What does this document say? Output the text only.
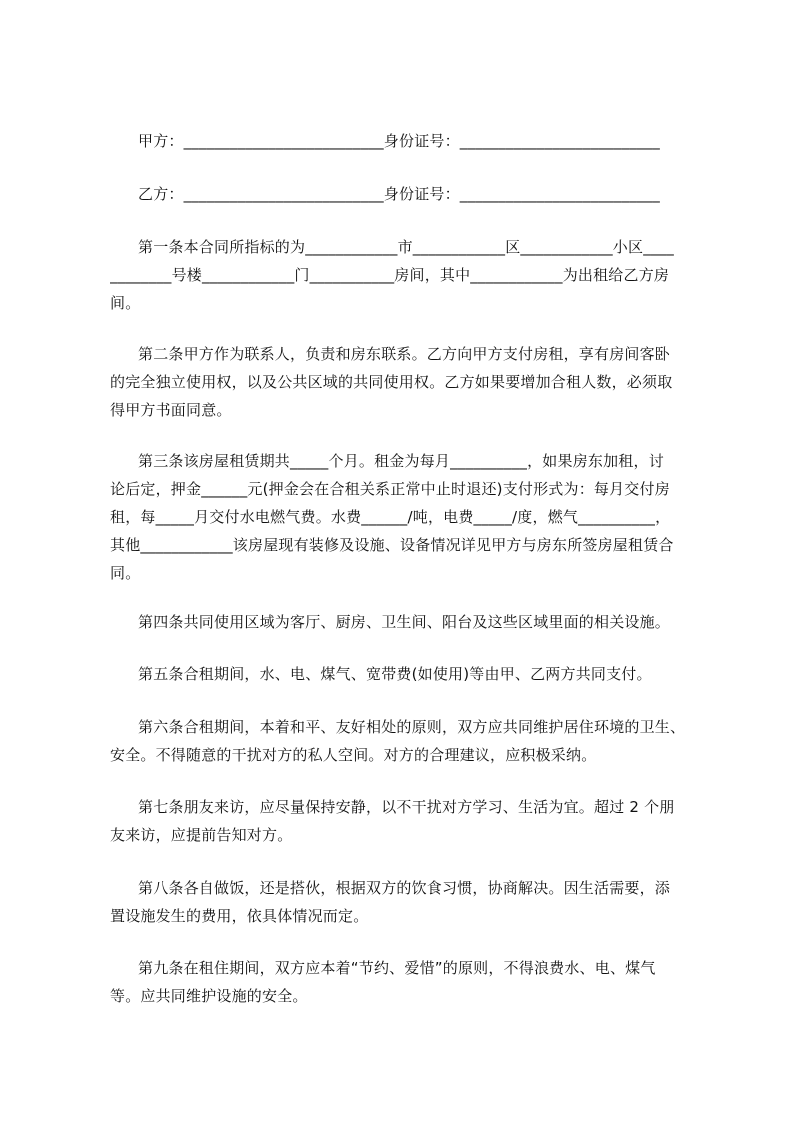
甲方：__________________________身份证号：__________________________
乙方：__________________________身份证号：__________________________
第一条本合同所指标的为____________市____________区____________小区____
________号楼____________门___________房间，其中____________为出租给乙方房
间。
第二条甲方作为联系人，负责和房东联系。乙方向甲方支付房租，享有房间客卧
的完全独立使用权，以及公共区域的共同使用权。乙方如果要增加合租人数，必须取
得甲方书面同意。
第三条该房屋租赁期共_____个月。租金为每月__________，如果房东加租，讨
论后定，押金______元(押金会在合租关系正常中止时退还)支付形式为：每月交付房
租，每_____月交付水电燃气费。水费______/吨，电费_____/度，燃气__________，
其他____________该房屋现有装修及设施、设备情况详见甲方与房东所签房屋租赁合
同。
第四条共同使用区域为客厅、厨房、卫生间、阳台及这些区域里面的相关设施。
第五条合租期间，水、电、煤气、宽带费(如使用)等由甲、乙两方共同支付。
第六条合租期间，本着和平、友好相处的原则，双方应共同维护居住环境的卫生、
安全。不得随意的干扰对方的私人空间。对方的合理建议，应积极采纳。
第七条朋友来访，应尽量保持安静，以不干扰对方学习、生活为宜。超过 2 个朋
友来访，应提前告知对方。
第八条各自做饭，还是搭伙，根据双方的饮食习惯，协商解决。因生活需要，添
置设施发生的费用，依具体情况而定。
第九条在租住期间，双方应本着“节约、爱惜”的原则，不得浪费水、电、煤气
等。应共同维护设施的安全。
